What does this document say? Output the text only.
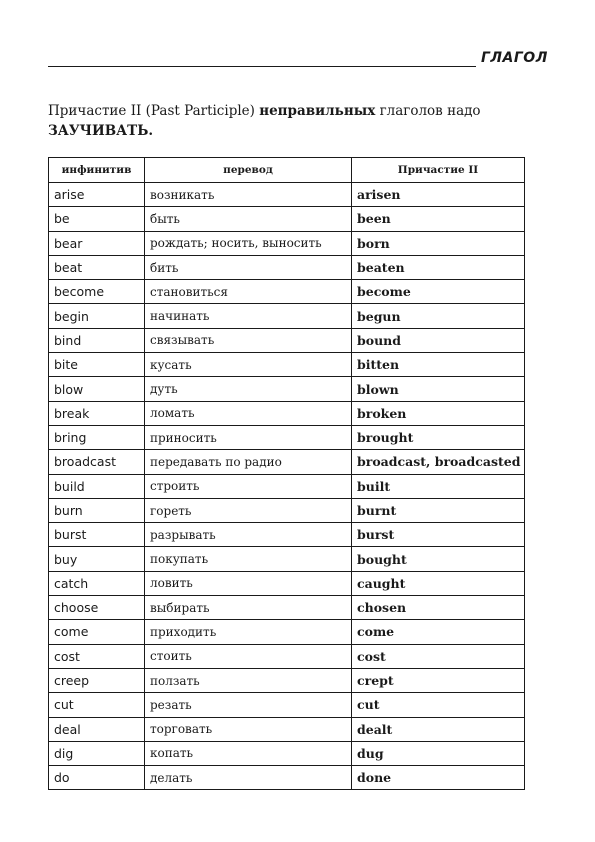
ГЛАГОЛ
Причастие II (Past Participle) неправильных глаголов надо
ЗАУЧИВАТЬ.
инфинитив	перевод	Причастие II
arise	возникать	arisen
be	быть	been
bear	рождать; носить, выносить	born
beat	бить	beaten
become	становиться	become
begin	начинать	begun
bind	связывать	bound
bite	кусать	bitten
blow	дуть	blown
break	ломать	broken
bring	приносить	brought
broadcast	передавать по радио	broadcast, broadcasted
build	строить	built
burn	гореть	burnt
burst	разрывать	burst
buy	покупать	bought
catch	ловить	caught
choose	выбирать	chosen
come	приходить	come
cost	стоить	cost
creep	ползать	crept
cut	резать	cut
deal	торговать	dealt
dig	копать	dug
do	делать	done
